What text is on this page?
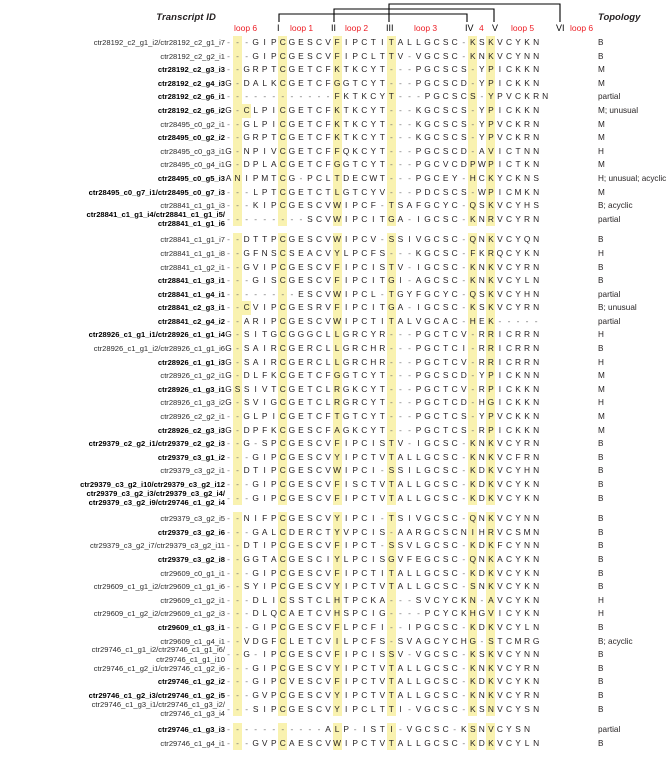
Transcript ID	Topology
loop 6 I loop 1 II loop 2 III loop 3	IV 4 V loop 5 VI loop 6
ctr28192_c2_g1_i2/ctr28192_c2_g1_i7 - - - G I P C G E S C V F I P C T I T A L L G C S C - K S K V C Y K N	B
ctr28192_c2_g2_i1 - - - G I P C G E S C V F I P C L T T V - V G C S C - K N K V C Y N N	B
ctr28192_c2_g3_i3 - - G R P T C G E T C F K T K C Y T - - - P G C S C S - Y P I C K K N	M
ctr28192_c2_g4_i3 G - D A L K C G E T C F G G T C Y T - - - P G C S C D - Y P I C K K N	M
ctr28192_c2_g6_i1 - - - - - - - - - - - - F K T K C Y T - - - P G C S C S - Y P V C K R N	partial
ctr28192_c2_g6_i2 G - C L P I C G E T C F K T K C Y T - - - K G C S C S - Y P I C K K N	M; unusual
ctr28495_c0_g2_i1 - - G L P I C G E T C F K T K C Y T - - - K G C S C S - Y P V C K R N	M
ctr28495_c0_g2_i2 - - G R P T C G E T C F K T K C Y T - - - K G C S C S - Y P V C K R N	M
ctr28495_c0_g3_i1 G - N P I V C G E T C F F Q K C Y T - - - P G C S C D - A V I C T N N	H
ctr28495_c0_g4_i1 G - D P L A C G E T C F G G T C Y T - - - P G C V C D P W P I C T K N	M
ctr28495_c0_g5_i3 A N I P M T C G - P C L T D E C W T - - - P G C E Y - H C K Y C K N S	H; unusual; acyclic
ctr28495_c0_g7_i1/ctr28495_c0_g7_i3 - - - L P T C G E T C T L G T C Y V - - - P D C S C S - W P I C M K N	M
ctr28841_c1_g1_i3 - - - K I P C G E S C V W I P C F - T S A F G C Y C - Q S K V C Y H S	B; acyclic
ctr28841_c1_g1_i4/ctr28841_c1_g1_i5/
ctr28841_c1_g1_i6
- - - - - - - - - S C V W I P C I T G A - I G C S C - K N R V C Y R N	partial
ctr28841_c1_g1_i7 - - D T T P C G E S C V W I P C V - S S I V G C S C - Q N K V C Y Q N	B
ctr28841_c1_g1_i8 - - G F N S C S E A C V Y L P C F S - - - K G C S C - F K R Q C Y K N	H
ctr28841_c1_g2_i1 - - G V I P C G E S C V F I P C I S T V - I G C S C - K N K V C Y R N	B
ctr28841_c1_g3_i1 - - - G I S C G E S C V F I P C I T G I - A G C S C - K N K V C Y L N	B
ctr28841_c1_g4_i1 - - - - - - - - E S C V W I P C L - T G Y F G C Y C - Q S K V C Y H N	partial
ctr28841_c2_g3_i1 - - C V I P C G E S R V F I P C I T G A - I G C S C - K S K V C Y R N	B; unusual
ctr28841_c2_g4_i2 - - A R I P C G E S C V W I P C T I T A L V G C A C - H E K - - - - -	partial
ctr28926_c1_g1_i1/ctr28926_c1_g1_i4 G - S I T G C G G G C L L G R C Y R - - - P G C T C V - R R I C R R N	H
ctr28926_c1_g1_i2/ctr28926_c1_g1_i6 G - S A I R C G E R C L L G R C H R - - - P G C T C I - R R I C R R N	B
ctr28926_c1_g1_i3 G - S A I R C G E R C L L G R C H R - - - P G C T C V - R R I C R R N	H
ctr28926_c1_g2_i1 G - D L F K C G E T C F G G T C Y T - - - P G C S C D - Y P I C K N N	M
ctr28926_c1_g3_i1 G S S I V T C G E T C L R G K C Y T - - - P G C T C V - R P I C K K N	M
ctr28926_c1_g3_i2 G - S V I G C G E T C L R G R C Y T - - - P G C T C D - H G I C K K N	H
ctr28926_c2_g2_i1 - - G L P I C G E T C F T G T C Y T - - - P G C T C S - Y P V C K K N	M
ctr28926_c2_g3_i3 G - D P F K C G E S C F A G K C Y T - - - P G C T C S - R P I C K K N	M
ctr29379_c2_g2_i1/ctr29379_c2_g2_i3 - - G - S P C G E S C V F I P C I S T V - I G C S C - K N K V C Y R N	B
ctr29379_c3_g1_i2 - - - G I P C G E S C V Y I P C T V T A L L G C S C - K N K V C F R N	B
ctr29379_c3_g2_i1 - - D T I P C G E S C V W I P C I - S S I L G C S C - K D K V C Y H N	B
ctr29379_c3_g2_i10/ctr29379_c3_g2_i12 - - - G I P C G E S C V F I S C T V T A L L G C S C - K D K V C Y K N	B
ctr29379_c3_g2_i3/ctr29379_c3_g2_i4/
ctr29379_c3_g2_i9/ctr29746_c1_g2_i4
- - - G I P C G E S C V F I P C T V T A L L G C S C - K D K V C Y K N	B
ctr29379_c3_g2_i5 - - N I F P C G E S C V Y I P C I - T S I V G C S C - Q N K V C Y N N	B
ctr29379_c3_g2_i6 - - - G A L C D E R C T Y V P C I S - A A R G C S C N I H R V C S M N	B
ctr29379_c3_g2_i7/ctr29379_c3_g2_i11 - - D T I P C G E S C V F I P C T - S S V L G C S C - K D K F C Y N N	B
ctr29379_c3_g2_i8 - - G G T A C G E S C I Y L P C I S G V F E G C S C - Q N K A C Y K N	B
ctr29609_c0_g1_i1 - - - G I P C G E S C V F I P C T I T A L L G C S C - K D K V C Y K N	B
ctr29609_c1_g1_i2/ctr29609_c1_g1_i6 - - S Y I P C G E S C V Y I P C T V T A L L G C S C - S N K V C Y K N	B
ctr29609_c1_g2_i1 - - - D L I C S S T C L H T P C K A - - - S V C Y C K N - A V C Y K N	H
ctr29609_c1_g2_i2/ctr29609_c1_g2_i3 - - - D L Q C A E T C V H S P C I G - - - - P C Y C K H G V I C Y K N	H
ctr29609_c1_g3_i1 - - - G I P C G E S C V F L P C F I - - I P G C S C - K D K V C Y L N	B
ctr29609_c1_g4_i1 - - V D G F C L E T C V I L P C F S - S V A G C Y C H G - S T C M R G	B; acyclic
ctr29746_c1_g1_i2/ctr29746_c1_g1_i6/
ctr29746_c1_g1_i10
- - G - I P C G E S C V F I P C I S S V - V G C S C - K S K V C Y N N	B
ctr29746_c1_g2_i1/ctr29746_c1_g2_i6 - - - G I P C G E S C V Y I P C T V T A L L G C S C - K N K V C Y R N	B
ctr29746_c1_g2_i2 - - - G I P C V E S C V F I P C T V T A L L G C S C - K D K V C Y K N	B
ctr29746_c1_g2_i3/ctr29746_c1_g2_i5 - - - G V P C G E S C V Y I P C T V T A L L G C S C - K N K V C Y R N	B
ctr29746_c1_g3_i1/ctr29746_c1_g3_i2/
ctr29746_c1_g3_i4
- - - S I P C G E S C V Y I P C L T T I - V G C S C - K S N V C Y S N	B
ctr29746_c1_g3_i3 - - - - - - - - - - - A L P - I S T I - V G C S C - K S N V C Y S N	partial
ctr29746_c1_g4_i1 - - - G V P C A E S C V W I P C T V T A L L G C S C - K D K V C Y L N	B
